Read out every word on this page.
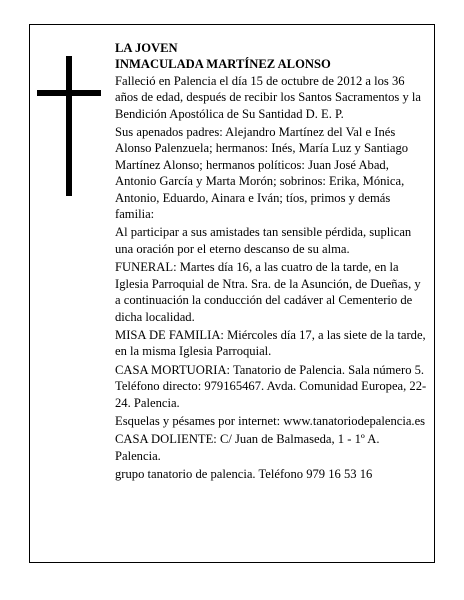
LA JOVEN

INMACULADA MARTÍNEZ ALONSO

Falleció en Palencia el día 15 de octubre de 2012 a los 36 años de edad, después de recibir los Santos Sacramentos y la Bendición Apostólica de Su Santidad D. E. P.

Sus apenados padres: Alejandro Martínez del Val e Inés Alonso Palenzuela; hermanos: Inés, María Luz y Santiago Martínez Alonso; hermanos políticos: Juan José Abad, Antonio García y Marta Morón; sobrinos: Erika, Mónica, Antonio, Eduardo, Ainara e Iván; tíos, primos y demás familia:

Al participar a sus amistades tan sensible pérdida, suplican una oración por el eterno descanso de su alma.

FUNERAL: Martes día 16, a las cuatro de la tarde, en la Iglesia Parroquial de Ntra. Sra. de la Asunción, de Dueñas, y a continuación la conducción del cadáver al Cementerio de dicha localidad.

MISA DE FAMILIA: Miércoles día 17, a las siete de la tarde, en la misma Iglesia Parroquial.

CASA MORTUORIA: Tanatorio de Palencia. Sala número 5. Teléfono directo: 979165467. Avda. Comunidad Europea, 22-24. Palencia.

Esquelas y pésames por internet: www.tanatoriodepalencia.es

CASA DOLIENTE: C/ Juan de Balmaseda, 1 - 1º A. Palencia.

grupo tanatorio de palencia. Teléfono 979 16 53 16
